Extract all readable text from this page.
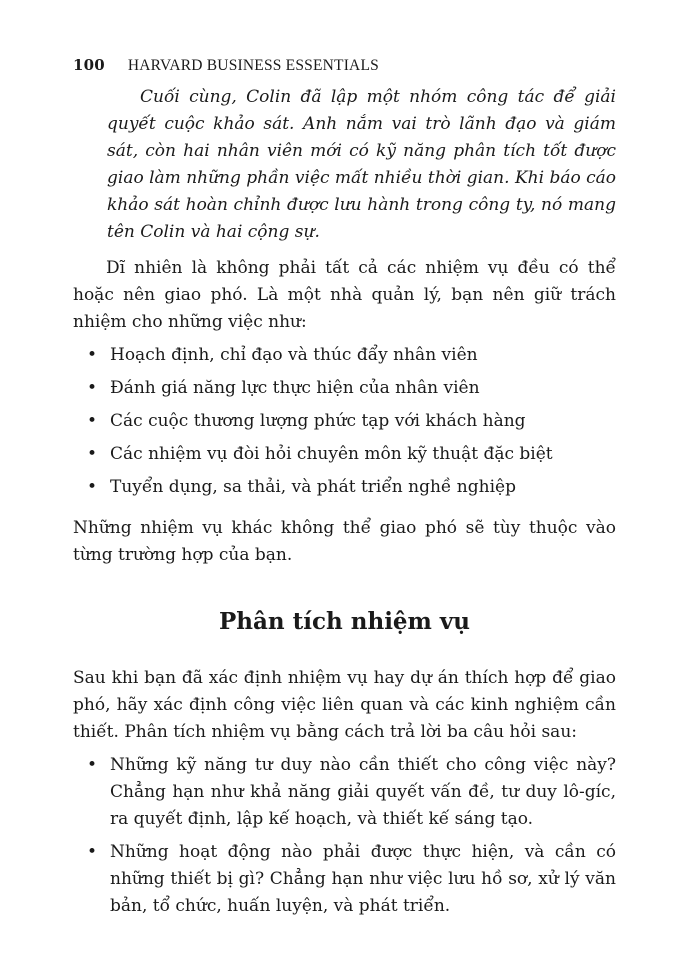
100 HARVARD BUSINESS ESSENTIALS

Cuối cùng, Colin đã lập một nhóm công tác để giải quyết cuộc khảo sát. Anh nắm vai trò lãnh đạo và giám sát, còn hai nhân viên mới có kỹ năng phân tích tốt được giao làm những phần việc mất nhiều thời gian. Khi báo cáo khảo sát hoàn chỉnh được lưu hành trong công ty, nó mang tên Colin và hai cộng sự.

Dĩ nhiên là không phải tất cả các nhiệm vụ đều có thể hoặc nên giao phó. Là một nhà quản lý, bạn nên giữ trách nhiệm cho những việc như:

• Hoạch định, chỉ đạo và thúc đẩy nhân viên
• Đánh giá năng lực thực hiện của nhân viên
• Các cuộc thương lượng phức tạp với khách hàng
• Các nhiệm vụ đòi hỏi chuyên môn kỹ thuật đặc biệt
• Tuyển dụng, sa thải, và phát triển nghề nghiệp

Những nhiệm vụ khác không thể giao phó sẽ tùy thuộc vào từng trường hợp của bạn.

Phân tích nhiệm vụ

Sau khi bạn đã xác định nhiệm vụ hay dự án thích hợp để giao phó, hãy xác định công việc liên quan và các kinh nghiệm cần thiết. Phân tích nhiệm vụ bằng cách trả lời ba câu hỏi sau:

• Những kỹ năng tư duy nào cần thiết cho công việc này? Chẳng hạn như khả năng giải quyết vấn đề, tư duy lô-gíc, ra quyết định, lập kế hoạch, và thiết kế sáng tạo.
• Những hoạt động nào phải được thực hiện, và cần có những thiết bị gì? Chẳng hạn như việc lưu hồ sơ, xử lý văn bản, tổ chức, huấn luyện, và phát triển.
